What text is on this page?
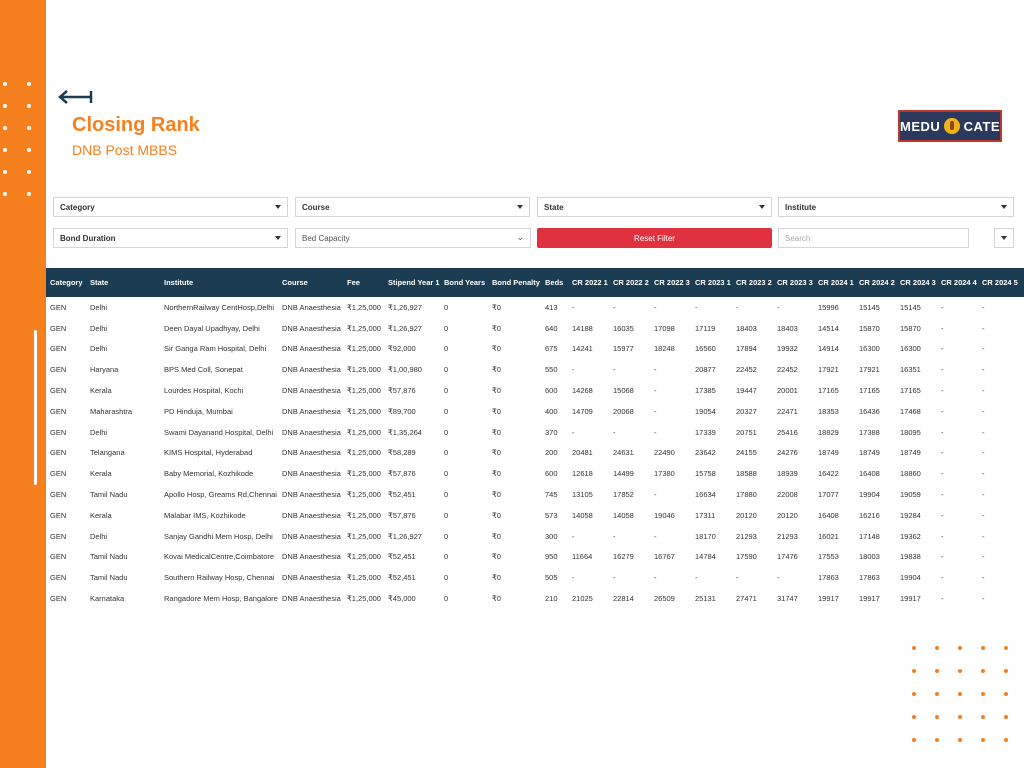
Closing Rank
DNB Post MBBS
MEDU CATE
Category	Course	State	Institute
Bond Duration	Bed Capacity	⌄	Reset Filter
Search
Category	State	Institute	Course	Fee	Stipend Year 1	Bond Years	Bond Penalty	Beds	CR 2022 1	CR 2022 2	CR 2022 3	CR 2023 1	CR 2023 2	CR 2023 3	CR 2024 1	CR 2024 2	CR 2024 3	CR 2024 4	CR 2024 5
GEN	Delhi	NorthernRailway CentHosp,Delhi	DNB Anaesthesia	₹1,25,000	₹1,26,927	0	₹0	413	-	-	-	-	-	-	15996	15145	15145	-	-
GEN	Delhi	Deen Dayal Upadhyay, Delhi	DNB Anaesthesia	₹1,25,000	₹1,26,927	0	₹0	640	14188	16035	17098	17119	18403	18403	14514	15870	15870	-	-
GEN	Delhi	Sir Ganga Ram Hospital, Delhi	DNB Anaesthesia	₹1,25,000	₹92,000	0	₹0	675	14241	15977	18248	16560	17894	19932	14914	16300	16300	-	-
GEN	Haryana	BPS Med Coll, Sonepat	DNB Anaesthesia	₹1,25,000	₹1,00,980	0	₹0	550	-	-	-	20877	22452	22452	17921	17921	16351	-	-
GEN	Kerala	Lourdes Hospital, Kochi	DNB Anaesthesia	₹1,25,000	₹57,876	0	₹0	600	14268	15068	-	17385	19447	20001	17165	17165	17165	-	-
GEN	Maharashtra	PD Hinduja, Mumbai	DNB Anaesthesia	₹1,25,000	₹89,700	0	₹0	400	14709	20068	-	19054	20327	22471	18353	16436	17468	-	-
GEN	Delhi	Swami Dayanand Hospital, Delhi	DNB Anaesthesia	₹1,25,000	₹1,35,264	0	₹0	370	-	-	-	17339	20751	25416	18829	17388	18095	-	-
GEN	Telangana	KIMS Hospital, Hyderabad	DNB Anaesthesia	₹1,25,000	₹58,289	0	₹0	200	20481	24631	22490	23642	24155	24276	18749	18749	18749	-	-
GEN	Kerala	Baby Memorial, Kozhikode	DNB Anaesthesia	₹1,25,000	₹57,876	0	₹0	600	12618	14499	17380	15758	18588	18939	16422	16408	18860	-	-
GEN	Tamil Nadu	Apollo Hosp, Greams Rd,Chennai	DNB Anaesthesia	₹1,25,000	₹52,451	0	₹0	745	13105	17852	-	16634	17880	22008	17077	19904	19059	-	-
GEN	Kerala	Malabar IMS, Kozhikode	DNB Anaesthesia	₹1,25,000	₹57,876	0	₹0	573	14058	14058	19046	17311	20120	20120	16408	16216	19284	-	-
GEN	Delhi	Sanjay Gandhi Mem Hosp, Delhi	DNB Anaesthesia	₹1,25,000	₹1,26,927	0	₹0	300	-	-	-	18170	21293	21293	16021	17148	19362	-	-
GEN	Tamil Nadu	Kovai MedicalCentre,Coimbatore	DNB Anaesthesia	₹1,25,000	₹52,451	0	₹0	950	11664	16279	16767	14784	17590	17476	17553	18003	19838	-	-
GEN	Tamil Nadu	Southern Railway Hosp, Chennai	DNB Anaesthesia	₹1,25,000	₹52,451	0	₹0	505	-	-	-	-	-	-	17863	17863	19904	-	-
GEN	Karnataka	Rangadore Mem Hosp, Bangalore	DNB Anaesthesia	₹1,25,000	₹45,000	0	₹0	210	21025	22814	26509	25131	27471	31747	19917	19917	19917	-	-
